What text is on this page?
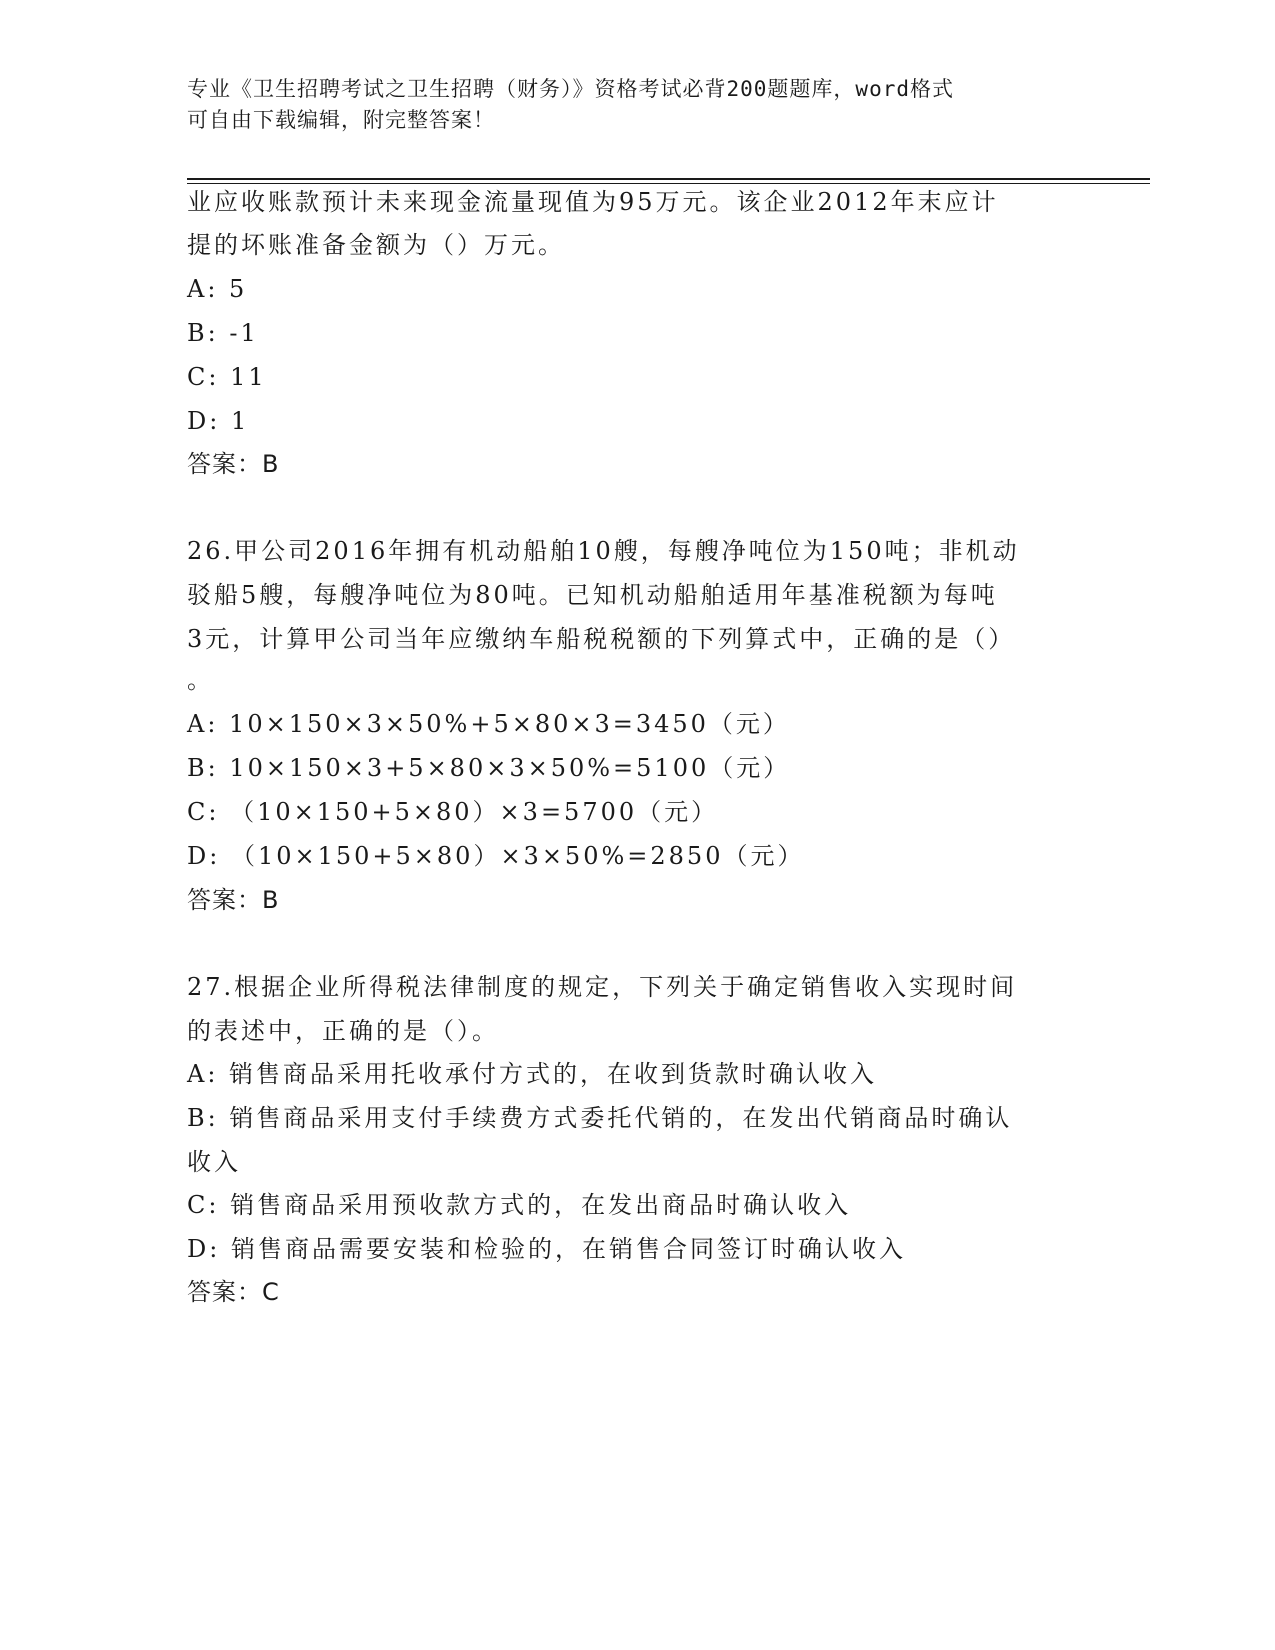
专业《卫生招聘考试之卫生招聘（财务）》资格考试必背200题题库，word格式
可自由下载编辑，附完整答案！
业应收账款预计未来现金流量现值为95万元。该企业2012年末应计
提的坏账准备金额为（）万元。
A: 5
B: -1
C: 11
D: 1
答案：B
26.甲公司2016年拥有机动船舶10艘，每艘净吨位为150吨；非机动
驳船5艘，每艘净吨位为80吨。已知机动船舶适用年基准税额为每吨
3元，计算甲公司当年应缴纳车船税税额的下列算式中，正确的是（）
。
A: 10×150×3×50%+5×80×3=3450（元）
B: 10×150×3+5×80×3×50%=5100（元）
C: （10×150+5×80）×3=5700（元）
D: （10×150+5×80）×3×50%=2850（元）
答案：B
27.根据企业所得税法律制度的规定，下列关于确定销售收入实现时间
的表述中，正确的是（）。
A: 销售商品采用托收承付方式的，在收到货款时确认收入
B: 销售商品采用支付手续费方式委托代销的，在发出代销商品时确认
收入
C: 销售商品采用预收款方式的，在发出商品时确认收入
D: 销售商品需要安装和检验的，在销售合同签订时确认收入
答案：C
